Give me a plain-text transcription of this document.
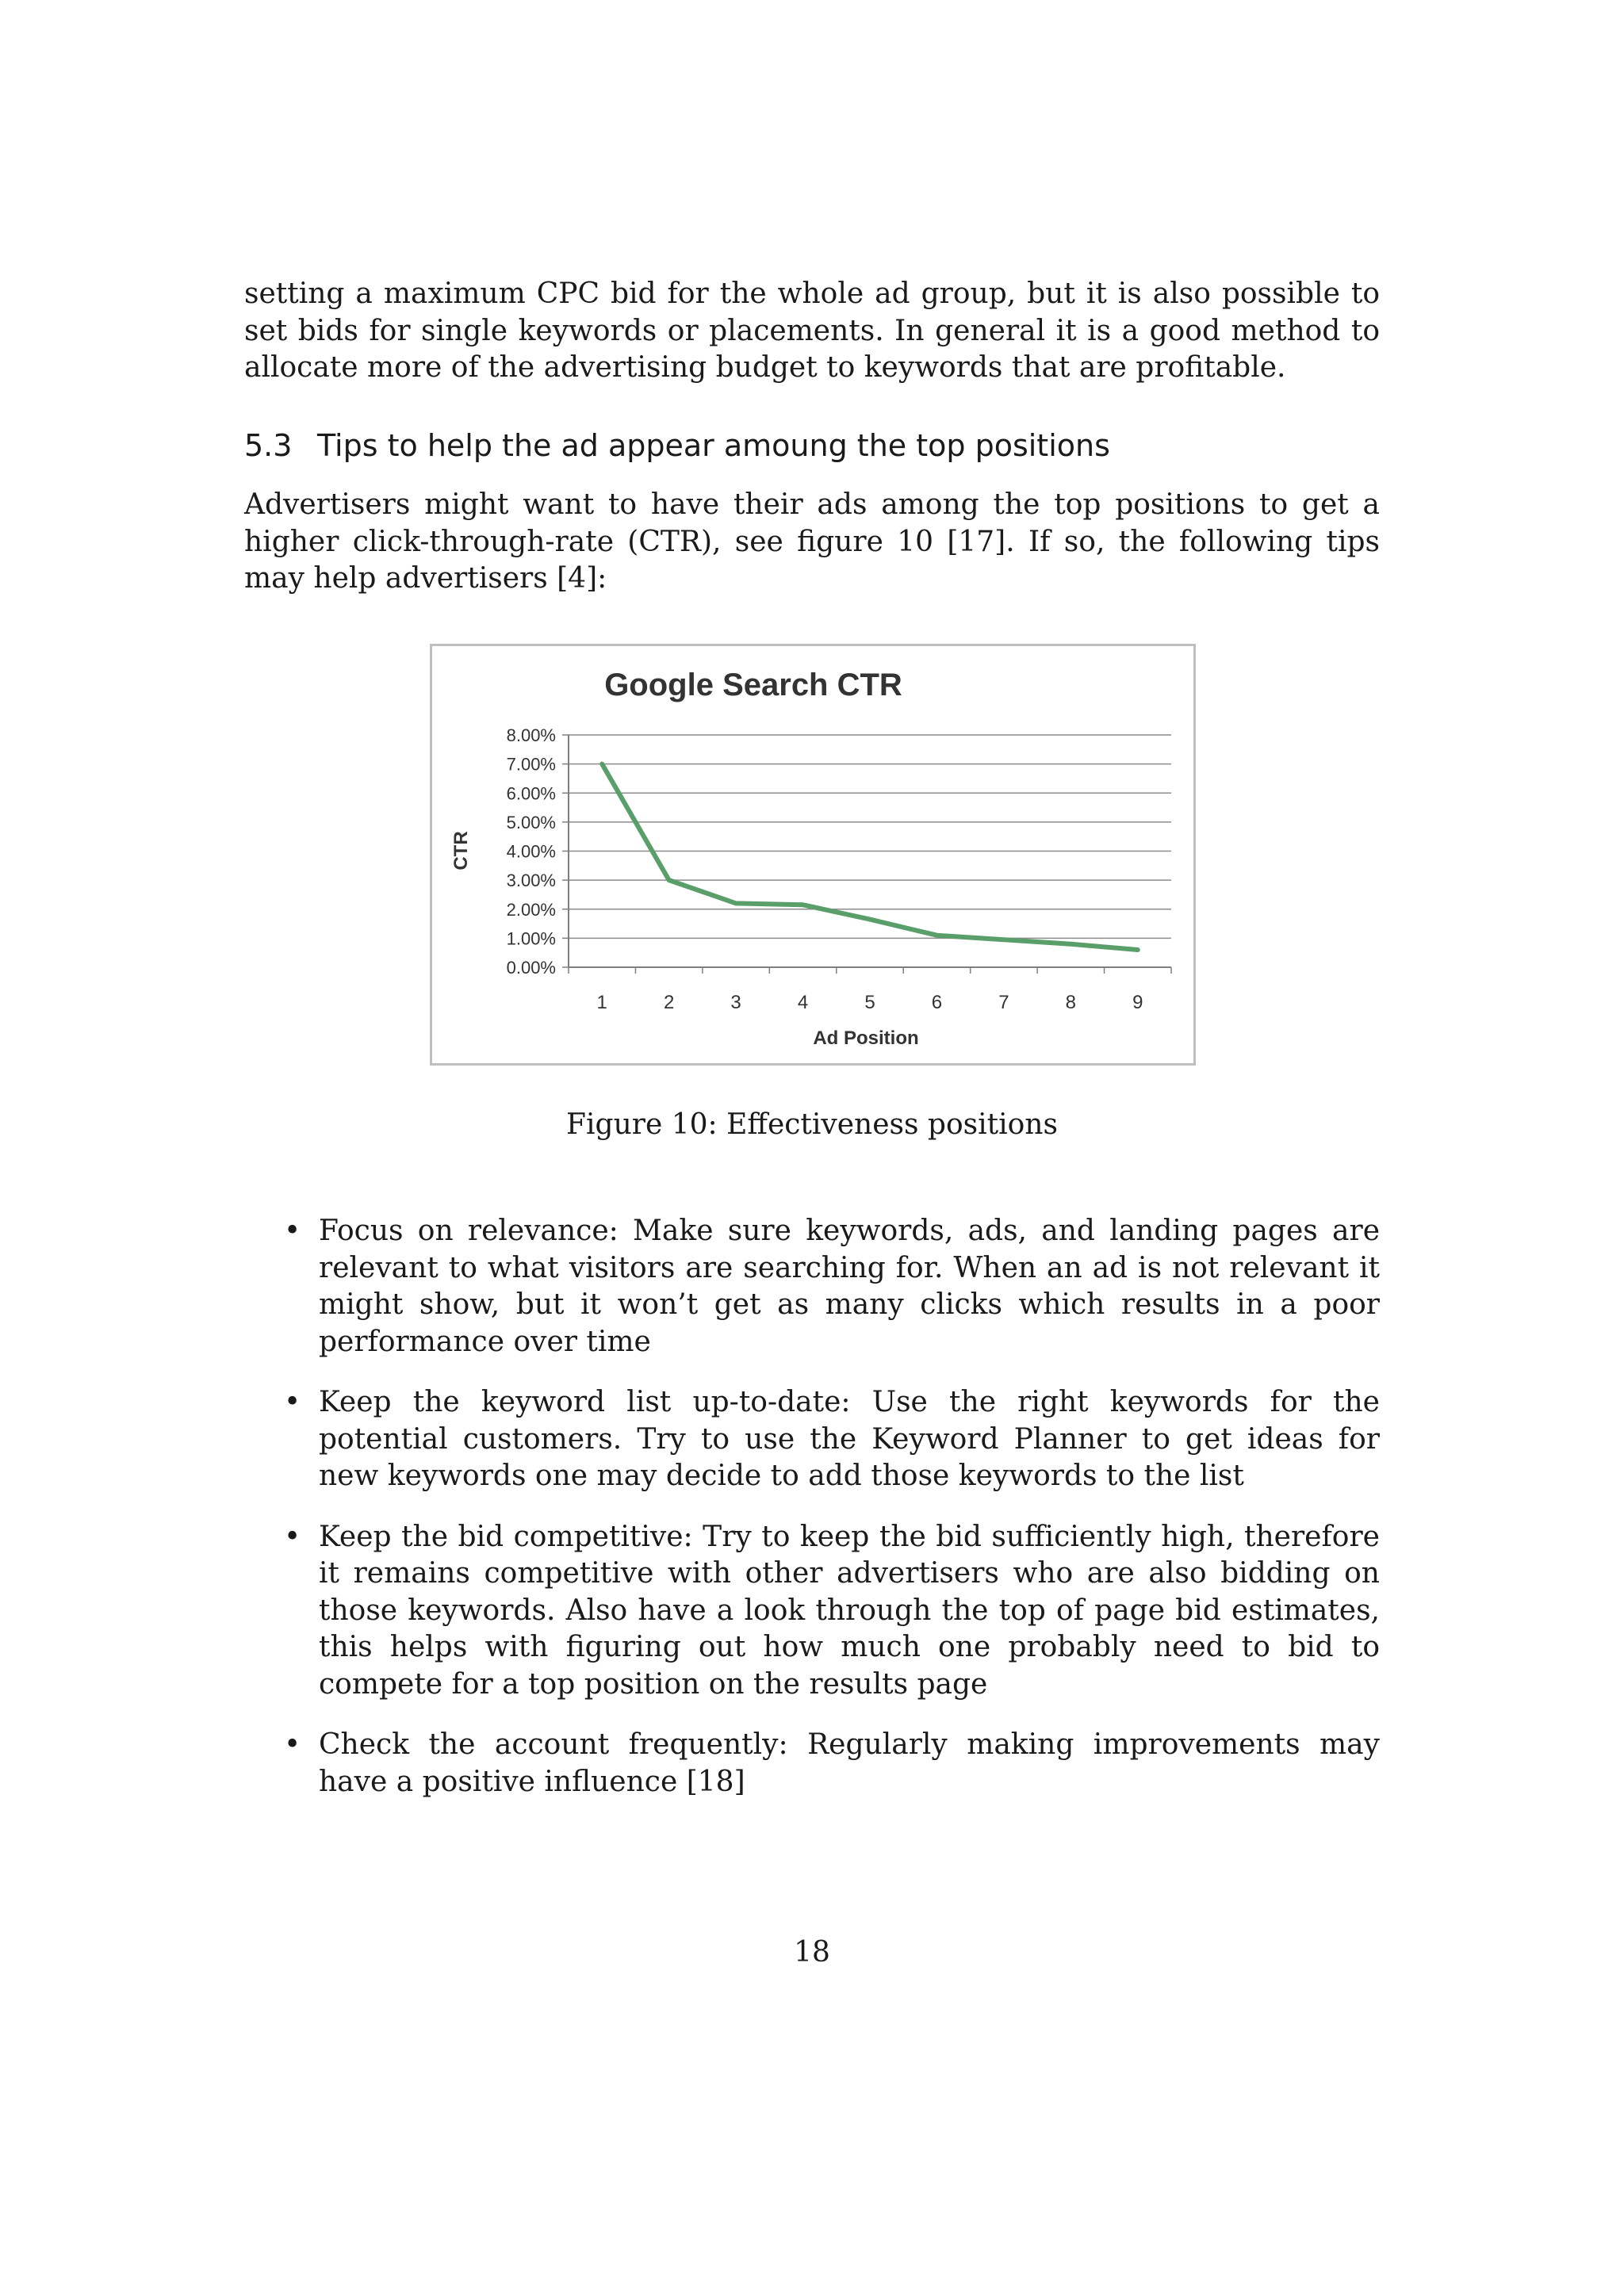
setting a maximum CPC bid for the whole ad group, but it is also possible to set bids for single keywords or placements. In general it is a good method to allocate more of the advertising budget to keywords that are profitable.

5.3 Tips to help the ad appear amoung the top positions

Advertisers might want to have their ads among the top positions to get a higher click-through-rate (CTR), see figure 10 [17]. If so, the following tips may help advertisers [4]:

Google Search CTR
CTR
Ad Position
0.00%
1.00%
2.00%
3.00%
4.00%
5.00%
6.00%
7.00%
8.00%
1	2	3	4	5	6	7	8	9

Figure 10: Effectiveness positions

• Focus on relevance: Make sure keywords, ads, and landing pages are relevant to what visitors are searching for. When an ad is not relevant it might show, but it won’t get as many clicks which results in a poor performance over time
• Keep the keyword list up-to-date: Use the right keywords for the potential customers. Try to use the Keyword Planner to get ideas for new keywords one may decide to add those keywords to the list
• Keep the bid competitive: Try to keep the bid sufficiently high, therefore it remains competitive with other advertisers who are also bidding on those keywords. Also have a look through the top of page bid estimates, this helps with figuring out how much one probably need to bid to compete for a top position on the results page
• Check the account frequently: Regularly making improvements may have a positive influence [18]

18
